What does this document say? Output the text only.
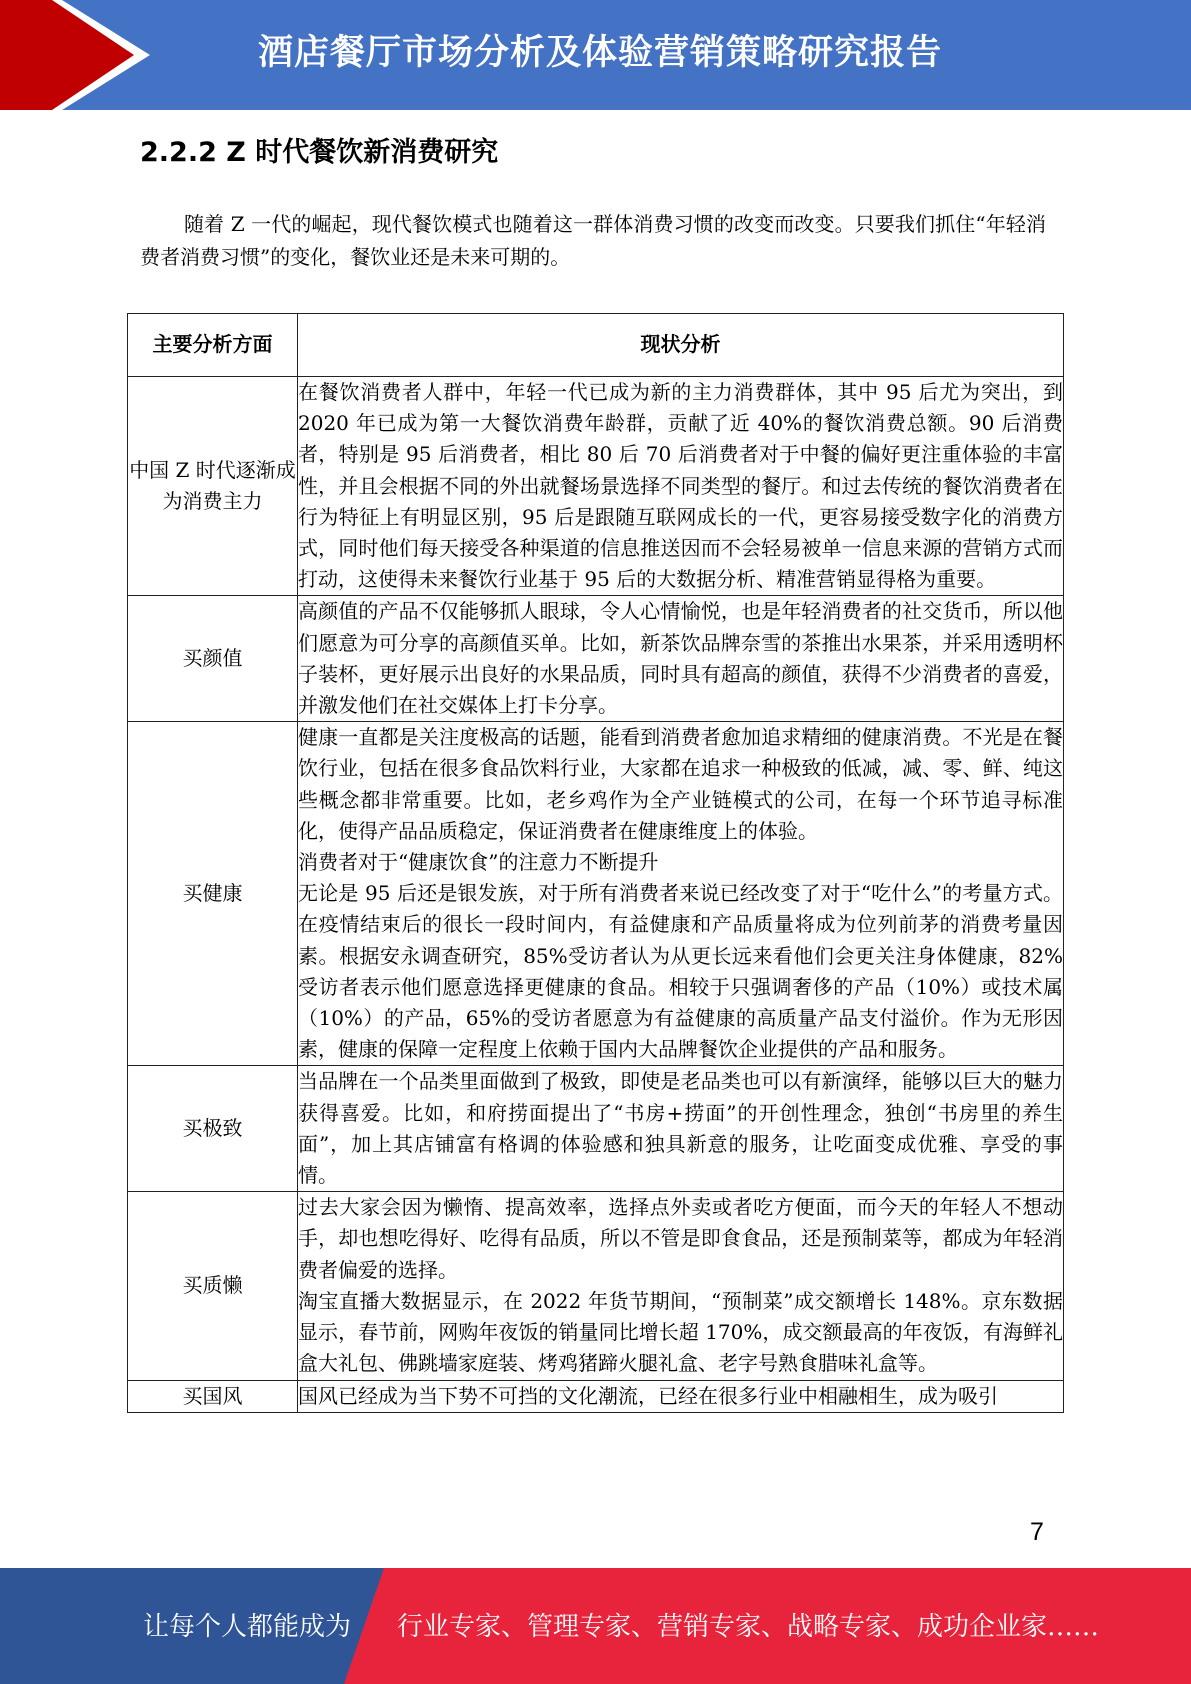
酒店餐厅市场分析及体验营销策略研究报告
2.2.2 Z 时代餐饮新消费研究
随着 Z 一代的崛起，现代餐饮模式也随着这一群体消费习惯的改变而改变。只要我们抓住“年轻消费者消费习惯”的变化，餐饮业还是未来可期的。
主要分析方面	现状分析
中国 Z 时代逐渐成为消费主力	在餐饮消费者人群中，年轻一代已成为新的主力消费群体，其中 95 后尤为突出，到 2020 年已成为第一大餐饮消费年龄群，贡献了近 40%的餐饮消费总额。90 后消费者，特别是 95 后消费者，相比 80 后 70 后消费者对于中餐的偏好更注重体验的丰富性，并且会根据不同的外出就餐场景选择不同类型的餐厅。和过去传统的餐饮消费者在行为特征上有明显区别，95 后是跟随互联网成长的一代，更容易接受数字化的消费方式，同时他们每天接受各种渠道的信息推送因而不会轻易被单一信息来源的营销方式而打动，这使得未来餐饮行业基于 95 后的大数据分析、精准营销显得格为重要。

买颜值	高颜值的产品不仅能够抓人眼球，令人心情愉悦，也是年轻消费者的社交货币，所以他们愿意为可分享的高颜值买单。比如，新茶饮品牌奈雪的茶推出水果茶，并采用透明杯子装杯，更好展示出良好的水果品质，同时具有超高的颜值，获得不少消费者的喜爱，并激发他们在社交媒体上打卡分享。

买健康	健康一直都是关注度极高的话题，能看到消费者愈加追求精细的健康消费。不光是在餐饮行业，包括在很多食品饮料行业，大家都在追求一种极致的低减，减、零、鲜、纯这些概念都非常重要。比如，老乡鸡作为全产业链模式的公司，在每一个环节追寻标准化，使得产品品质稳定，保证消费者在健康维度上的体验。

消费者对于“健康饮食”的注意力不断提升

无论是 95 后还是银发族，对于所有消费者来说已经改变了对于“吃什么”的考量方式。在疫情结束后的很长一段时间内，有益健康和产品质量将成为位列前茅的消费考量因素。根据安永调查研究，85%受访者认为从更长远来看他们会更关注身体健康，82%受访者表示他们愿意选择更健康的食品。相较于只强调奢侈的产品（10%）或技术属（10%）的产品，65%的受访者愿意为有益健康的高质量产品支付溢价。作为无形因素，健康的保障一定程度上依赖于国内大品牌餐饮企业提供的产品和服务。

买极致	当品牌在一个品类里面做到了极致，即使是老品类也可以有新演绎，能够以巨大的魅力获得喜爱。比如，和府捞面提出了“书房+捞面”的开创性理念，独创“书房里的养生面”，加上其店铺富有格调的体验感和独具新意的服务，让吃面变成优雅、享受的事情。

买质懒	过去大家会因为懒惰、提高效率，选择点外卖或者吃方便面，而今天的年轻人不想动手，却也想吃得好、吃得有品质，所以不管是即食食品，还是预制菜等，都成为年轻消费者偏爱的选择。

淘宝直播大数据显示，在 2022 年货节期间，“预制菜”成交额增长 148%。京东数据显示，春节前，网购年夜饭的销量同比增长超 170%，成交额最高的年夜饭，有海鲜礼盒大礼包、佛跳墙家庭装、烤鸡猪蹄火腿礼盒、老字号熟食腊味礼盒等。

买国风	国风已经成为当下势不可挡的文化潮流，已经在很多行业中相融相生，成为吸引

7
让每个人都能成为 行业专家、管理专家、营销专家、战略专家、成功企业家……
